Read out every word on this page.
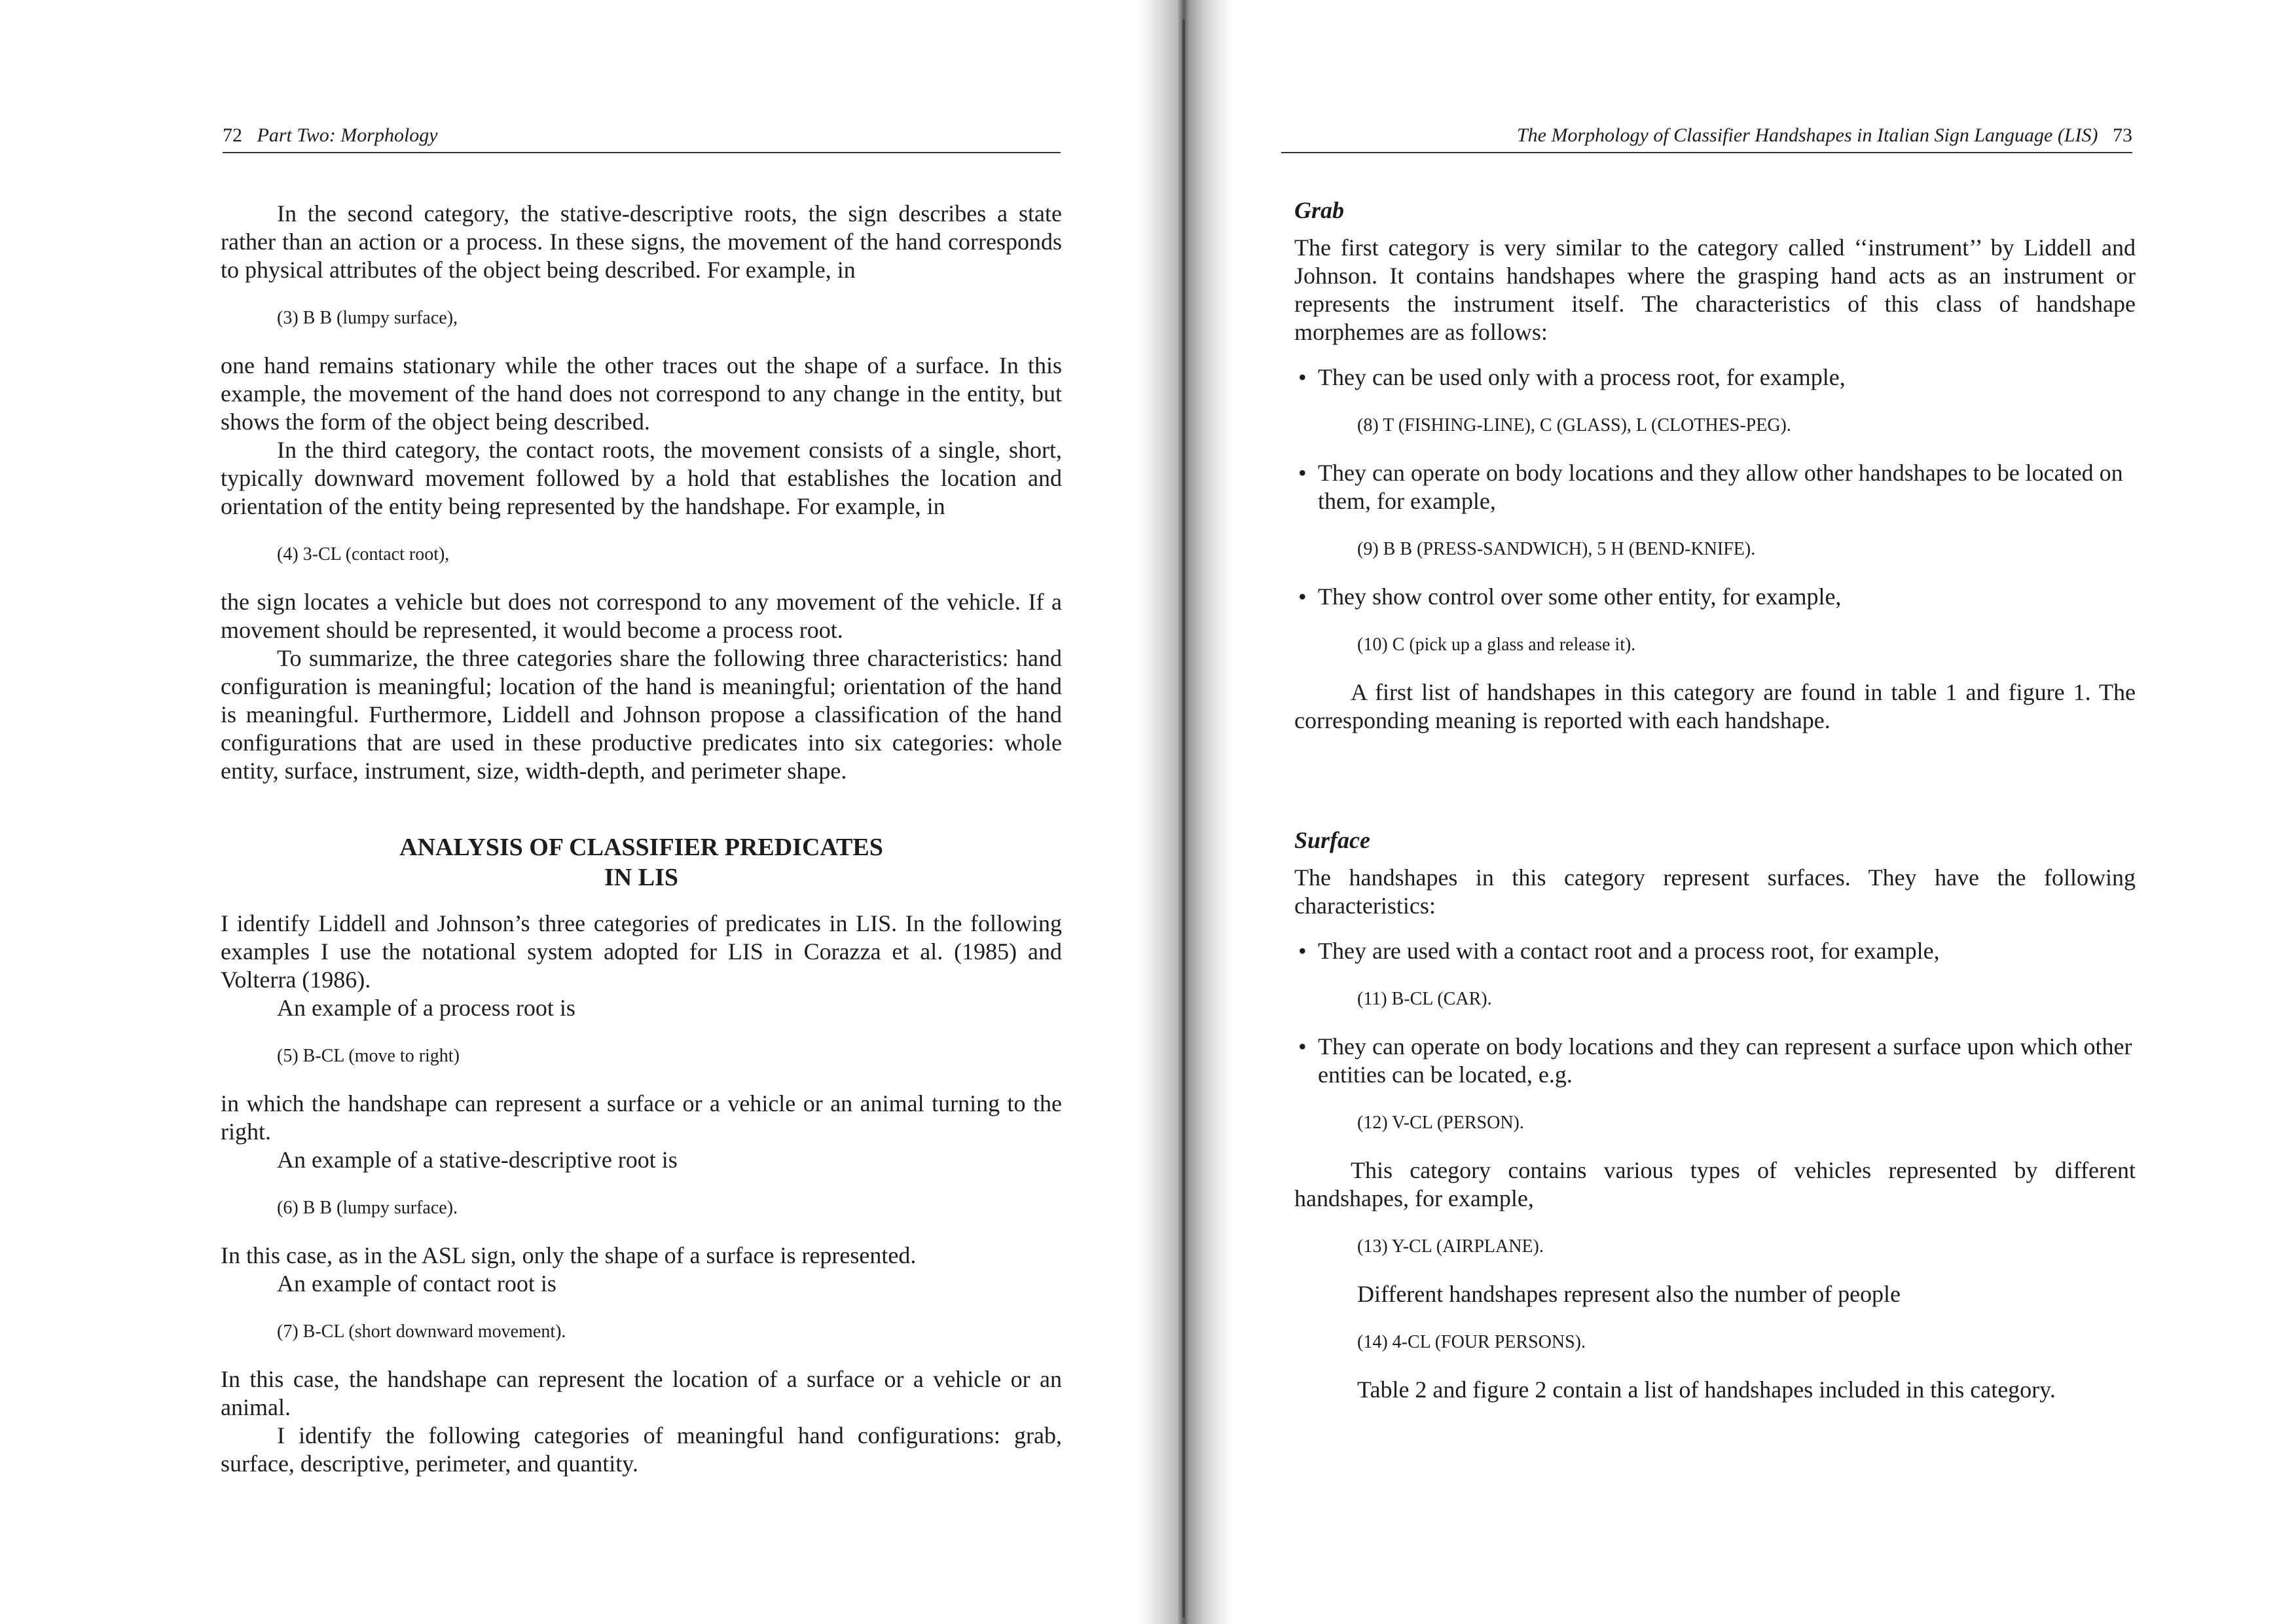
72 Part Two: Morphology

In the second category, the stative-descriptive roots, the sign describes a state rather than an action or a process. In these signs, the movement of the hand corresponds to physical attributes of the object being described. For example, in

(3) B B (lumpy surface),

one hand remains stationary while the other traces out the shape of a surface. In this example, the movement of the hand does not correspond to any change in the entity, but shows the form of the object being described.

In the third category, the contact roots, the movement consists of a single, short, typically downward movement followed by a hold that establishes the location and orientation of the entity being represented by the handshape. For example, in

(4) 3-CL (contact root),

the sign locates a vehicle but does not correspond to any movement of the vehicle. If a movement should be represented, it would become a process root.

To summarize, the three categories share the following three characteristics: hand configuration is meaningful; location of the hand is meaningful; orientation of the hand is meaningful. Furthermore, Liddell and Johnson propose a classification of the hand configurations that are used in these productive predicates into six categories: whole entity, surface, instrument, size, width-depth, and perimeter shape.

ANALYSIS OF CLASSIFIER PREDICATES
IN LIS

I identify Liddell and Johnson’s three categories of predicates in LIS. In the following examples I use the notational system adopted for LIS in Corazza et al. (1985) and Volterra (1986).

An example of a process root is

(5) B-CL (move to right)

in which the handshape can represent a surface or a vehicle or an animal turning to the right.

An example of a stative-descriptive root is

(6) B B (lumpy surface).

In this case, as in the ASL sign, only the shape of a surface is represented.

An example of contact root is

(7) B-CL (short downward movement).

In this case, the handshape can represent the location of a surface or a vehicle or an animal.

I identify the following categories of meaningful hand configurations: grab, surface, descriptive, perimeter, and quantity.

The Morphology of Classifier Handshapes in Italian Sign Language (LIS) 73
Grab

The first category is very similar to the category called ‘‘instrument’’ by Liddell and Johnson. It contains handshapes where the grasping hand acts as an instrument or represents the instrument itself. The characteristics of this class of handshape morphemes are as follows:

• They can be used only with a process root, for example,

(8) T (FISHING-LINE), C (GLASS), L (CLOTHES-PEG).

• They can operate on body locations and they allow other handshapes to be located on them, for example,

(9) B B (PRESS-SANDWICH), 5 H (BEND-KNIFE).

• They show control over some other entity, for example,

(10) C (pick up a glass and release it).

A first list of handshapes in this category are found in table 1 and figure 1. The corresponding meaning is reported with each handshape.

Surface

The handshapes in this category represent surfaces. They have the following characteristics:

• They are used with a contact root and a process root, for example,

(11) B-CL (CAR).

• They can operate on body locations and they can represent a surface upon which other entities can be located, e.g.

(12) V-CL (PERSON).

This category contains various types of vehicles represented by different handshapes, for example,

(13) Y-CL (AIRPLANE).

Different handshapes represent also the number of people

(14) 4-CL (FOUR PERSONS).

Table 2 and figure 2 contain a list of handshapes included in this category.
